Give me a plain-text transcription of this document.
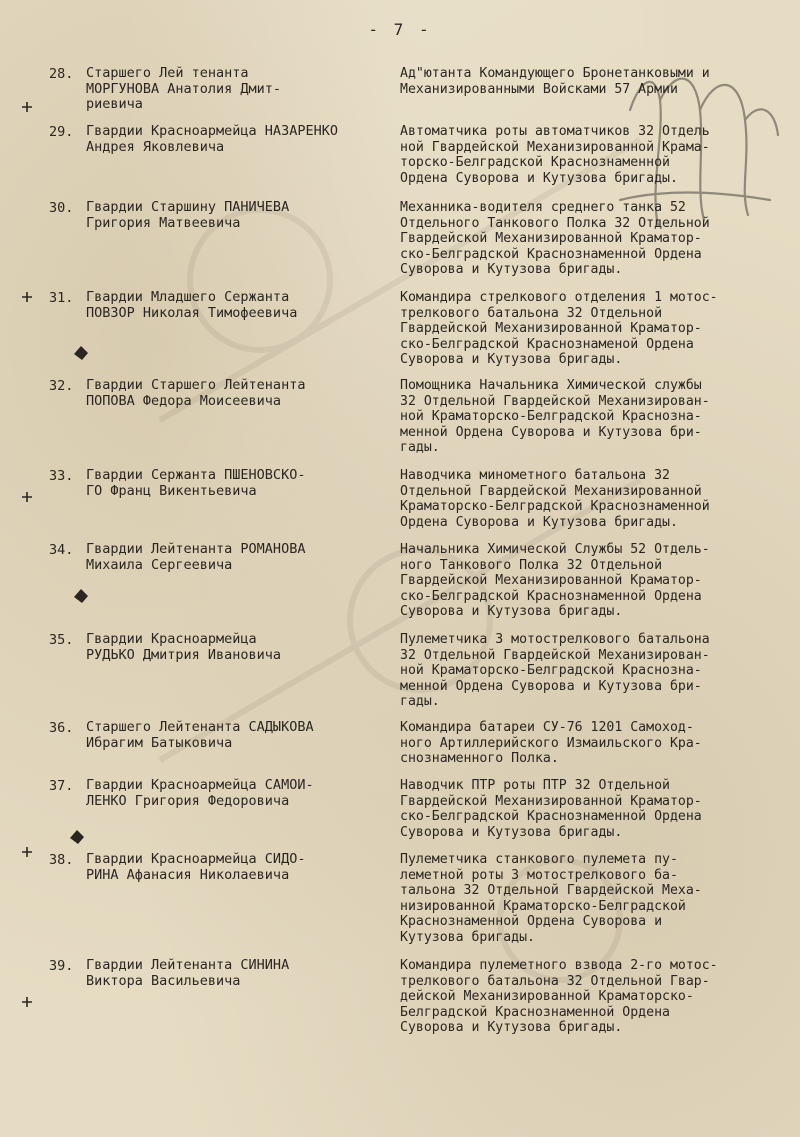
- 7 -
28. Старшего Лей тенанта
МОРГУНОВА Анатолия Дмит-
риевича
Ад"ютанта Командующего Бронетанковыми и
Механизированными Войсками 57 Армии
29. Гвардии Красноармейца НАЗАРЕНКО
Андрея Яковлевича
Автоматчика роты автоматчиков 32 Отдель
ной Гвардейской Механизированной Крама-
торско-Белградской Краснознаменной
Ордена Суворова и Кутузова бригады.
30. Гвардии Старшину ПАНИЧЕВА
Григория Матвеевича
Механника-водителя среднего танка 52
Отдельного Танкового Полка 32 Отдельной
Гвардейской Механизированной Краматор-
ско-Белградской Краснознаменной Ордена
Суворова и Кутузова бригады.
31. Гвардии Младшего Сержанта
ПОВЗОР Николая Тимофеевича
Командира стрелкового отделения 1 мотос-
трелкового батальона 32 Отдельной
Гвардейской Механизированной Краматор-
ско-Белградской Краснознаменой Ордена
Суворова и Кутузова бригады.
32. Гвардии Старшего Лейтенанта
ПОПОВА Федора Моисеевича
Помощника Начальника Химической службы
32 Отдельной Гвардейской Механизирован-
ной Краматорско-Белградской Краснозна-
менной Ордена Суворова и Кутузова бри-
гады.
33. Гвардии Сержанта ПШЕНОВСКО-
ГО Франц Викентьевича
Наводчика минометного батальона 32
Отдельной Гвардейской Механизированной
Краматорско-Белградской Краснознаменной
Ордена Суворова и Кутузова бригады.
34. Гвардии Лейтенанта РОМАНОВА
Михаила Сергеевича
Начальника Химической Службы 52 Отдель-
ного Танкового Полка 32 Отдельной
Гвардейской Механизированной Краматор-
ско-Белградской Краснознаменной Ордена
Суворова и Кутузова бригады.
35. Гвардии Красноармейца
РУДЬКО Дмитрия Ивановича
Пулеметчика 3 мотострелкового батальона
32 Отдельной Гвардейской Механизирован-
ной Краматорско-Белградской Краснозна-
менной Ордена Суворова и Кутузова бри-
гады.
36. Старшего Лейтенанта САДЫКОВА
Ибрагим Батыковича
Командира батареи СУ-76 1201 Самоход-
ного Артиллерийского Измаильского Кра-
снознаменного Полка.
37. Гвардии Красноармейца САМОЙ-
ЛЕНКО Григория Федоровича
Наводчик ПТР роты ПТР 32 Отдельной
Гвардейской Механизированной Краматор-
ско-Белградской Краснознаменной Ордена
Суворова и Кутузова бригады.
38. Гвардии Красноармейца СИДО-
РИНА Афанасия Николаевича
Пулеметчика станкового пулемета пу-
леметной роты 3 мотострелкового ба-
тальона 32 Отдельной Гвардейской Меха-
низированной Краматорско-Белградской
Краснознаменной Ордена Суворова и
Кутузова бригады.
39. Гвардии Лейтенанта СИНИНА
Виктора Васильевича
Командира пулеметного взвода 2-го мотос-
трелкового батальона 32 Отдельной Гвар-
дейской Механизированной Краматорско-
Белградской Краснознаменной Ордена
Суворова и Кутузова бригады.
